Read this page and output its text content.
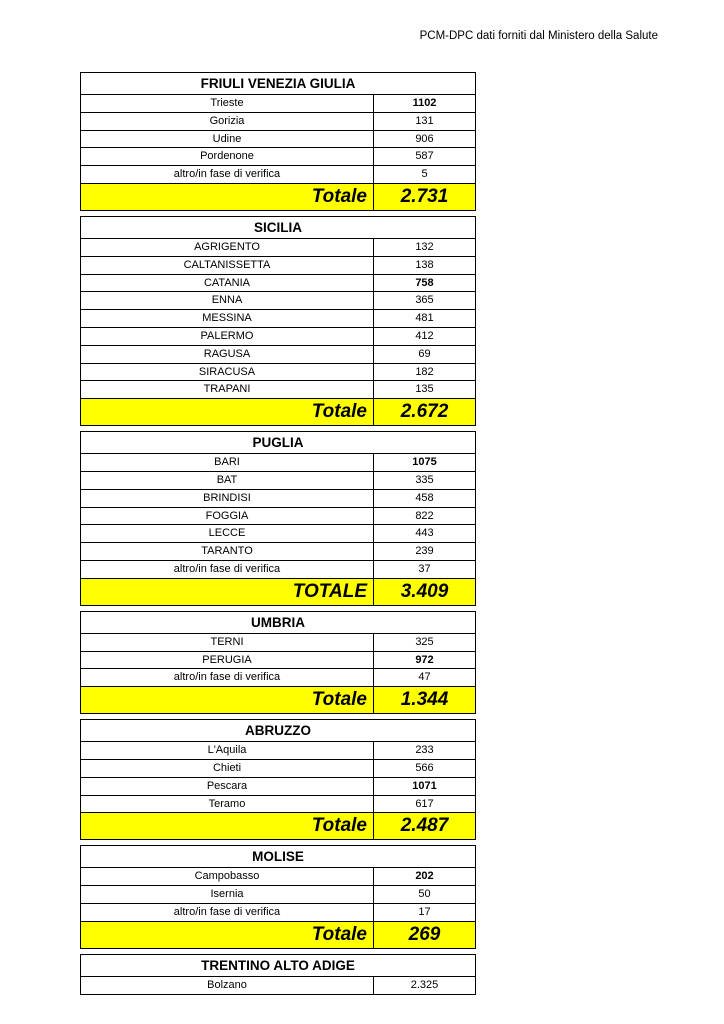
PCM-DPC dati forniti dal Ministero della Salute
FRIULI VENEZIA GIULIA
Trieste	1102
Gorizia	131
Udine	906
Pordenone	587
altro/in fase di verifica	5
Totale	2.731
SICILIA
AGRIGENTO	132
CALTANISSETTA	138
CATANIA	758
ENNA	365
MESSINA	481
PALERMO	412
RAGUSA	69
SIRACUSA	182
TRAPANI	135
Totale	2.672
PUGLIA
BARI	1075
BAT	335
BRINDISI	458
FOGGIA	822
LECCE	443
TARANTO	239
altro/in fase di verifica	37
TOTALE	3.409
UMBRIA
TERNI	325
PERUGIA	972
altro/in fase di verifica	47
Totale	1.344
ABRUZZO
L'Aquila	233
Chieti	566
Pescara	1071
Teramo	617
Totale	2.487
MOLISE
Campobasso	202
Isernia	50
altro/in fase di verifica	17
Totale	269
TRENTINO ALTO ADIGE
Bolzano	2.325
